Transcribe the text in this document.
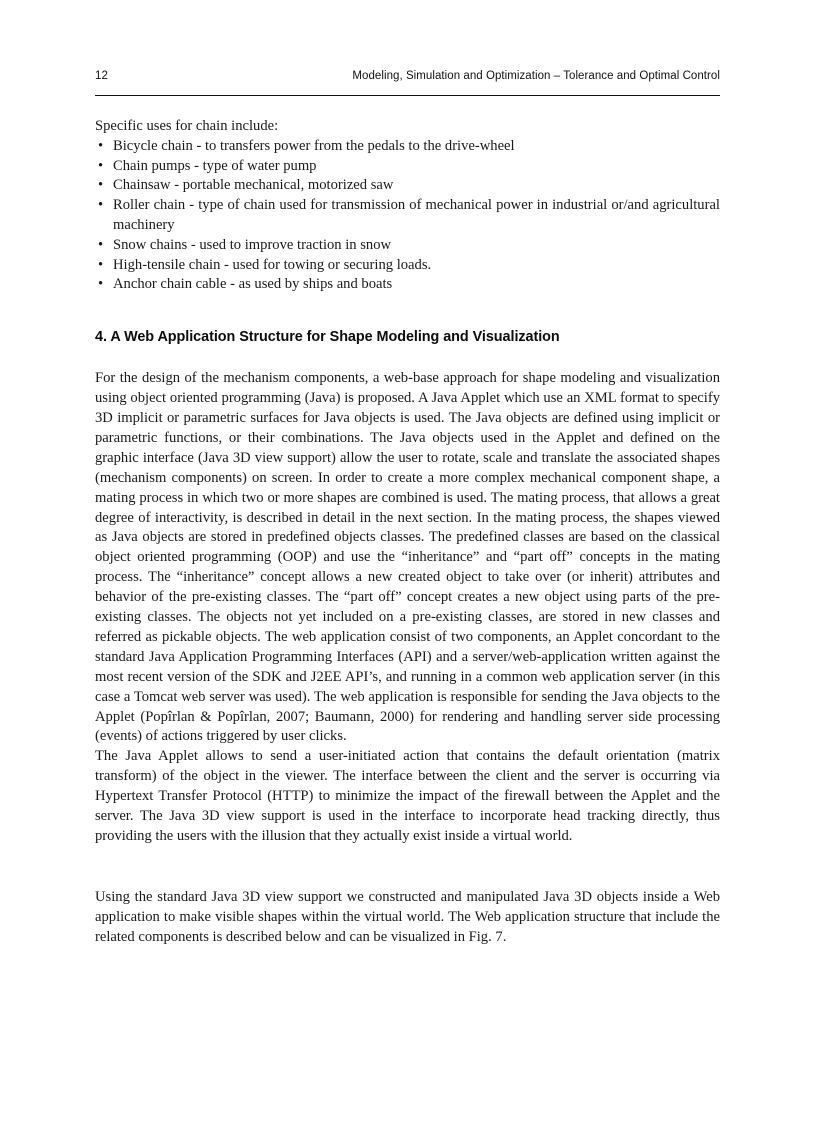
12	Modeling, Simulation and Optimization – Tolerance and Optimal Control

Specific uses for chain include:

• Bicycle chain - to transfers power from the pedals to the drive-wheel
• Chain pumps - type of water pump
• Chainsaw - portable mechanical, motorized saw
• Roller chain - type of chain used for transmission of mechanical power in industrial or/and agricultural machinery
• Snow chains - used to improve traction in snow
• High-tensile chain - used for towing or securing loads.
• Anchor chain cable - as used by ships and boats
4. A Web Application Structure for Shape Modeling and Visualization

For the design of the mechanism components, a web-base approach for shape modeling and visualization using object oriented programming (Java) is proposed. A Java Applet which use an XML format to specify 3D implicit or parametric surfaces for Java objects is used. The Java objects are defined using implicit or parametric functions, or their combinations. The Java objects used in the Applet and defined on the graphic interface (Java 3D view support) allow the user to rotate, scale and translate the associated shapes (mechanism components) on screen. In order to create a more complex mechanical component shape, a mating process in which two or more shapes are combined is used. The mating process, that allows a great degree of interactivity, is described in detail in the next section. In the mating process, the shapes viewed as Java objects are stored in predefined objects classes. The predefined classes are based on the classical object oriented programming (OOP) and use the “inheritance” and “part off” concepts in the mating process. The “inheritance” concept allows a new created object to take over (or inherit) attributes and behavior of the pre-existing classes. The “part off” concept creates a new object using parts of the pre-existing classes. The objects not yet included on a pre-existing classes, are stored in new classes and referred as pickable objects. The web application consist of two components, an Applet concordant to the standard Java Application Programming Interfaces (API) and a server/web-application written against the most recent version of the SDK and J2EE API’s, and running in a common web application server (in this case a Tomcat web server was used). The web application is responsible for sending the Java objects to the Applet (Popîrlan & Popîrlan, 2007; Baumann, 2000) for rendering and handling server side processing (events) of actions triggered by user clicks.

The Java Applet allows to send a user-initiated action that contains the default orientation (matrix transform) of the object in the viewer. The interface between the client and the server is occurring via Hypertext Transfer Protocol (HTTP) to minimize the impact of the firewall between the Applet and the server. The Java 3D view support is used in the interface to incorporate head tracking directly, thus providing the users with the illusion that they actually exist inside a virtual world.

Using the standard Java 3D view support we constructed and manipulated Java 3D objects inside a Web application to make visible shapes within the virtual world. The Web application structure that include the related components is described below and can be visualized in Fig. 7.
